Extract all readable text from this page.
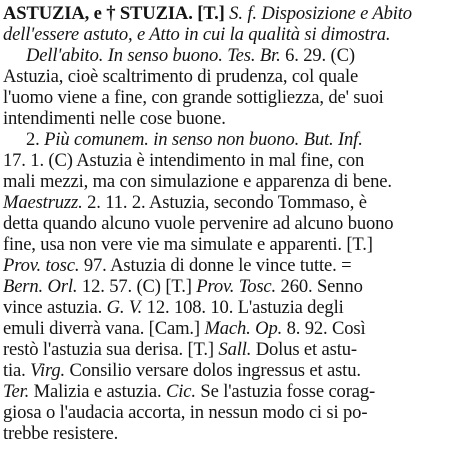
ASTUZIA, e † STUZIA. [T.] S. f. Disposizione e Abito
dell'essere astuto, e Atto in cui la qualità si dimostra.
Dell'abito. In senso buono. Tes. Br. 6. 29. (C)
Astuzia, cioè scaltrimento di prudenza, col quale
l'uomo viene a fine, con grande sottigliezza, de' suoi
intendimenti nelle cose buone.
2. Più comunem. in senso non buono. But. Inf.
17. 1. (C) Astuzia è intendimento in mal fine, con
mali mezzi, ma con simulazione e apparenza di bene.
Maestruzz. 2. 11. 2. Astuzia, secondo Tommaso, è
detta quando alcuno vuole pervenire ad alcuno buono
fine, usa non vere vie ma simulate e apparenti. [T.]
Prov. tosc. 97. Astuzia di donne le vince tutte. =
Bern. Orl. 12. 57. (C) [T.] Prov. Tosc. 260. Senno
vince astuzia. G. V. 12. 108. 10. L'astuzia degli
emuli diverrà vana. [Cam.] Mach. Op. 8. 92. Così
restò l'astuzia sua derisa. [T.] Sall. Dolus et astu-
tia. Virg. Consilio versare dolos ingressus et astu.
Ter. Malizia e astuzia. Cic. Se l'astuzia fosse corag-
giosa o l'audacia accorta, in nessun modo ci si po-
trebbe resistere.
